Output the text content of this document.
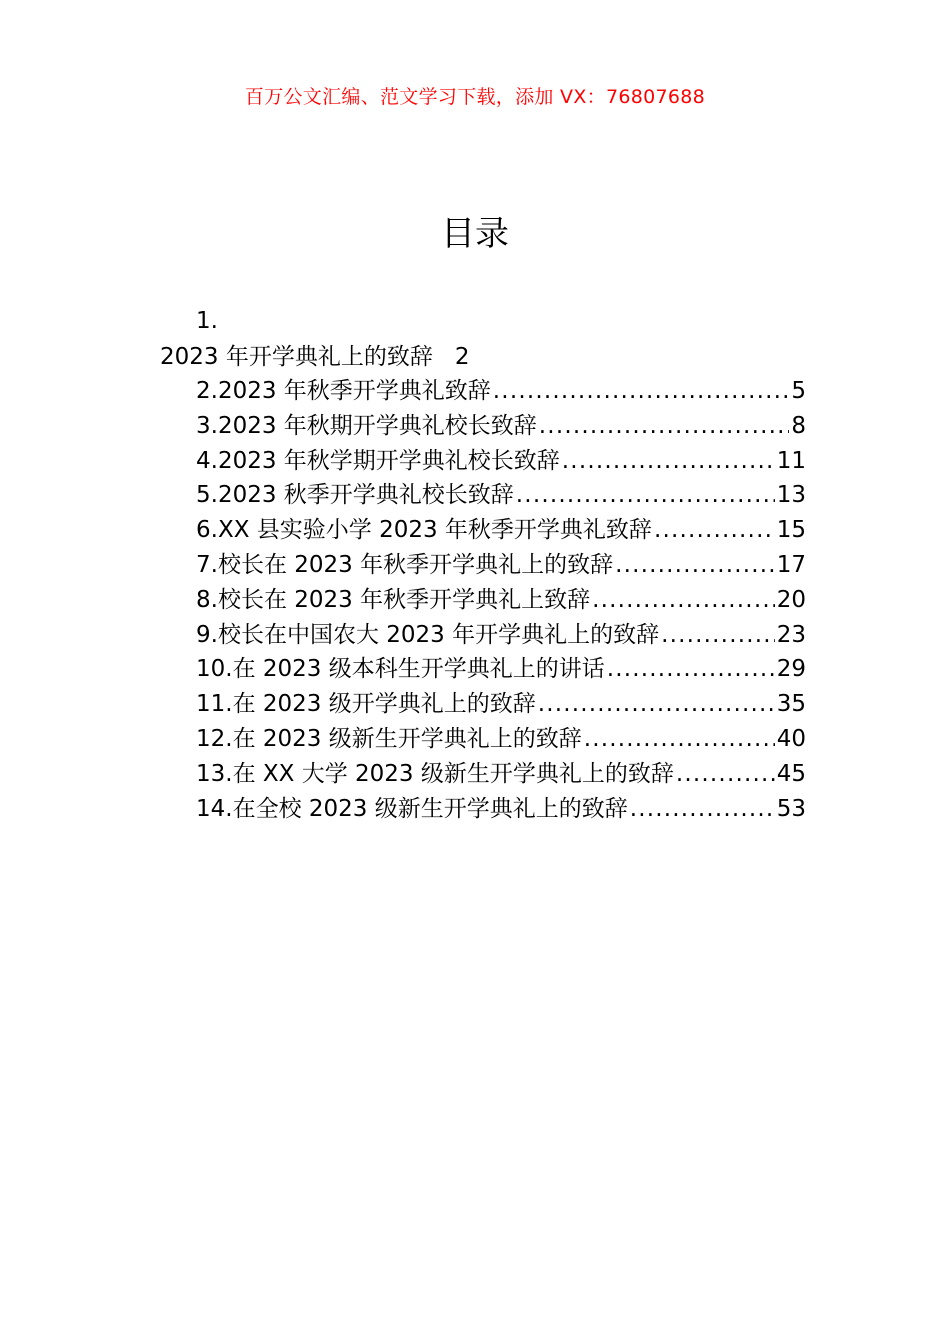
百万公文汇编、范文学习下载，添加 VX：76807688
目录
1.
2023 年开学典礼上的致辞 2
2.2023 年秋季开学典礼致辞 .....	5
3.2023 年秋期开学典礼校长致辞 .....	8
4.2023 年秋学期开学典礼校长致辞 .....	11
5.2023 秋季开学典礼校长致辞 .....	13
6.XX 县实验小学 2023 年秋季开学典礼致辞 .....	15
7.校长在 2023 年秋季开学典礼上的致辞 .....	17
8.校长在 2023 年秋季开学典礼上致辞 .....	20
9.校长在中国农大 2023 年开学典礼上的致辞 .....	23
10.在 2023 级本科生开学典礼上的讲话 .....	29
11.在 2023 级开学典礼上的致辞 .....	35
12.在 2023 级新生开学典礼上的致辞 .....	40
13.在 XX 大学 2023 级新生开学典礼上的致辞 .....	45
14.在全校 2023 级新生开学典礼上的致辞 .....	53
